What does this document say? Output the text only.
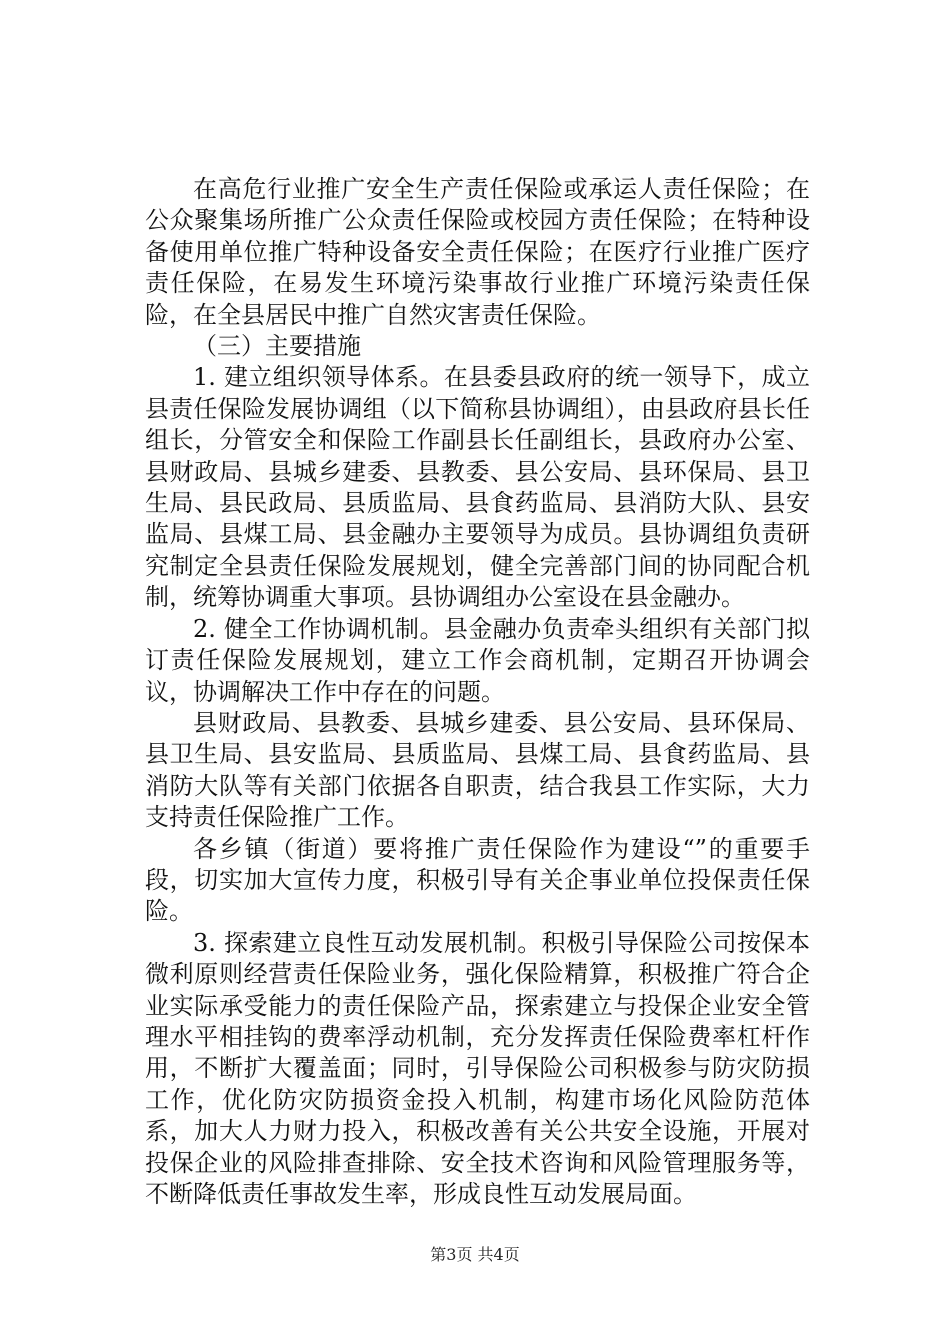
在高危行业推广安全生产责任保险或承运人责任保险；在公众聚集场所推广公众责任保险或校园方责任保险；在特种设备使用单位推广特种设备安全责任保险；在医疗行业推广医疗责任保险，在易发生环境污染事故行业推广环境污染责任保险，在全县居民中推广自然灾害责任保险。

（三）主要措施

1. 建立组织领导体系。在县委县政府的统一领导下，成立县责任保险发展协调组（以下简称县协调组），由县政府县长任组长，分管安全和保险工作副县长任副组长，县政府办公室、县财政局、县城乡建委、县教委、县公安局、县环保局、县卫生局、县民政局、县质监局、县食药监局、县消防大队、县安监局、县煤工局、县金融办主要领导为成员。县协调组负责研究制定全县责任保险发展规划，健全完善部门间的协同配合机制，统筹协调重大事项。县协调组办公室设在县金融办。

2. 健全工作协调机制。县金融办负责牵头组织有关部门拟订责任保险发展规划，建立工作会商机制，定期召开协调会议，协调解决工作中存在的问题。

县财政局、县教委、县城乡建委、县公安局、县环保局、县卫生局、县安监局、县质监局、县煤工局、县食药监局、县消防大队等有关部门依据各自职责，结合我县工作实际，大力支持责任保险推广工作。

各乡镇（街道）要将推广责任保险作为建设“”的重要手段，切实加大宣传力度，积极引导有关企事业单位投保责任保险。

3. 探索建立良性互动发展机制。积极引导保险公司按保本微利原则经营责任保险业务，强化保险精算，积极推广符合企业实际承受能力的责任保险产品，探索建立与投保企业安全管理水平相挂钩的费率浮动机制，充分发挥责任保险费率杠杆作用，不断扩大覆盖面；同时，引导保险公司积极参与防灾防损工作，优化防灾防损资金投入机制，构建市场化风险防范体系，加大人力财力投入，积极改善有关公共安全设施，开展对投保企业的风险排查排除、安全技术咨询和风险管理服务等，不断降低责任事故发生率，形成良性互动发展局面。

第3页 共4页
